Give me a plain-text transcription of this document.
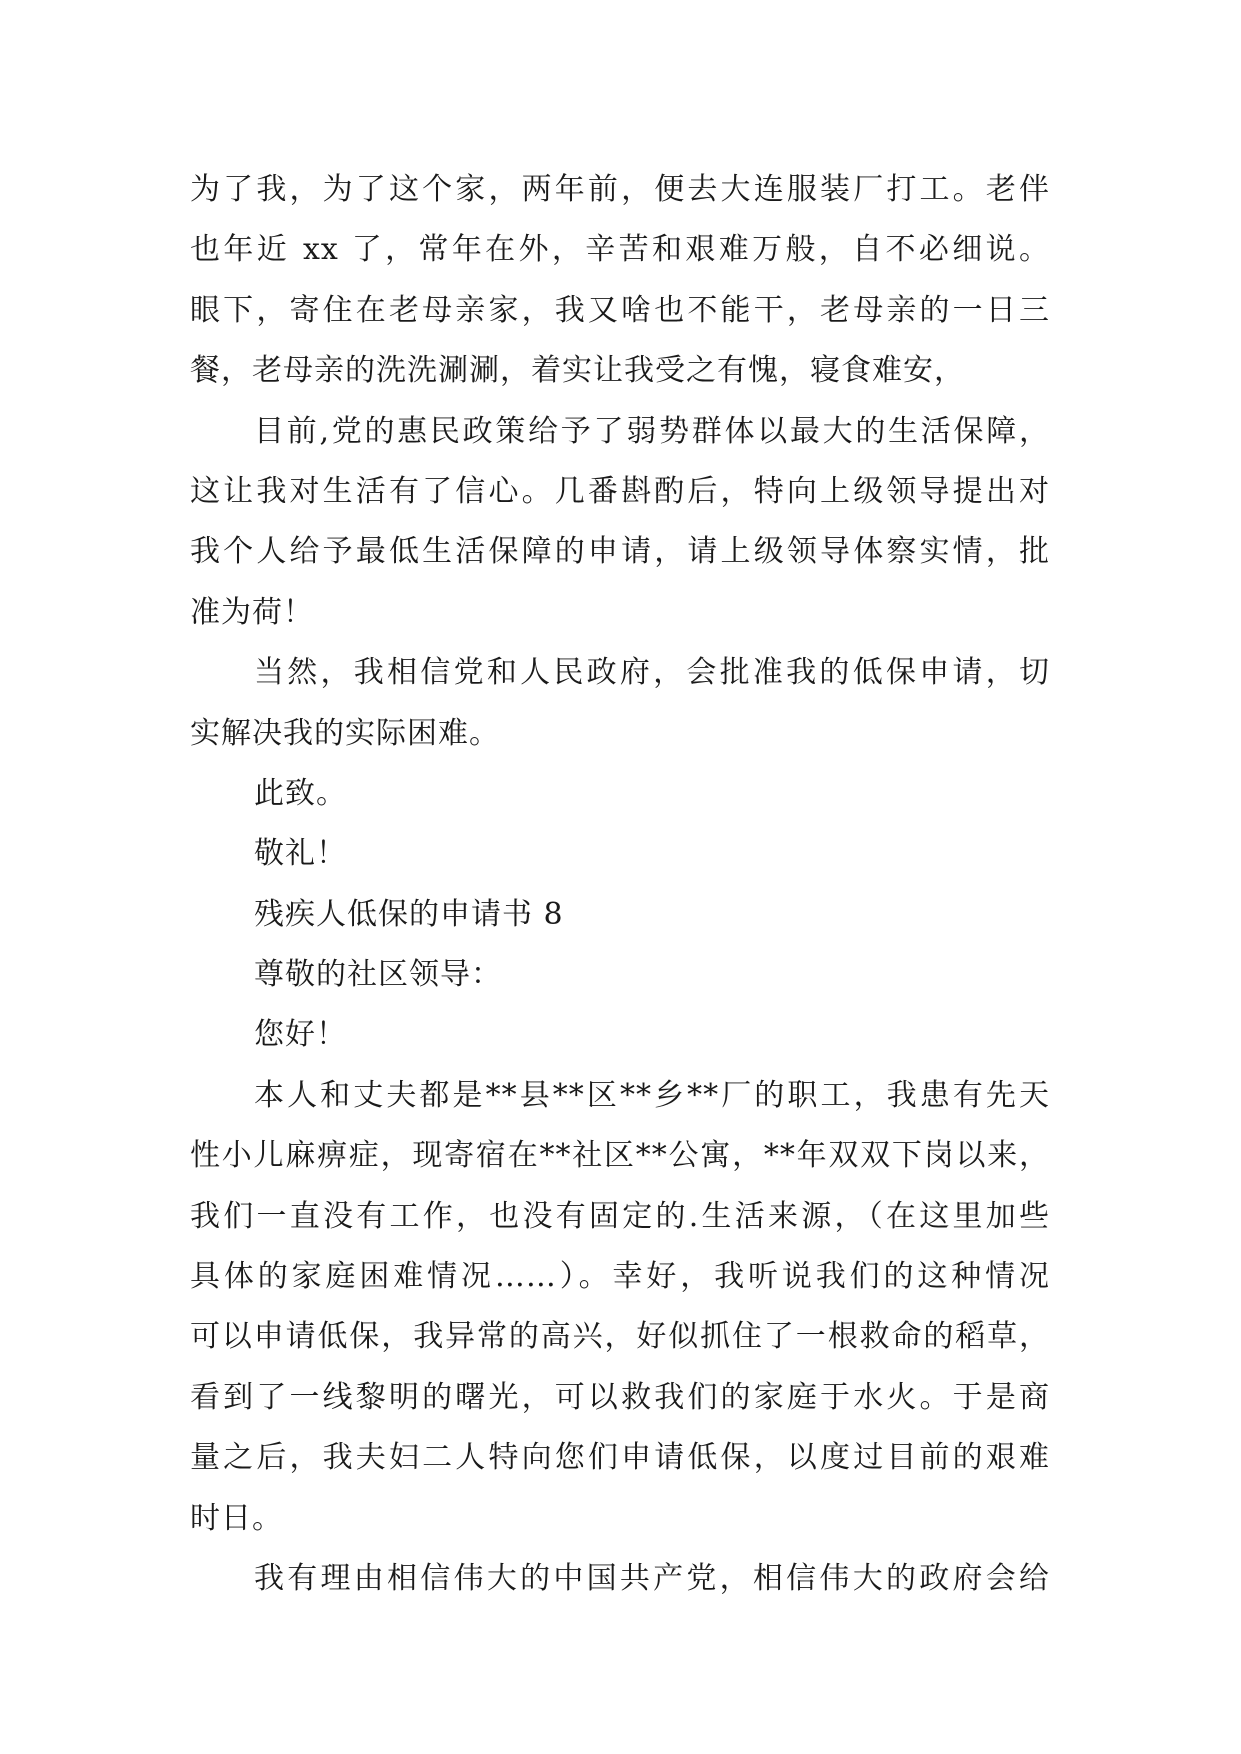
为了我，为了这个家，两年前，便去大连服装厂打工。老伴
也年近 xx 了，常年在外，辛苦和艰难万般，自不必细说。
眼下，寄住在老母亲家，我又啥也不能干，老母亲的一日三
餐，老母亲的洗洗涮涮，着实让我受之有愧，寝食难安，
目前,党的惠民政策给予了弱势群体以最大的生活保障，
这让我对生活有了信心。几番斟酌后，特向上级领导提出对
我个人给予最低生活保障的申请，请上级领导体察实情，批
准为荷！
当然，我相信党和人民政府，会批准我的低保申请，切
实解决我的实际困难。
此致。
敬礼！
残疾人低保的申请书 8
尊敬的社区领导：
您好！
本人和丈夫都是**县**区**乡**厂的职工，我患有先天
性小儿麻痹症，现寄宿在**社区**公寓，**年双双下岗以来，
我们一直没有工作，也没有固定的.生活来源，（在这里加些
具体的家庭困难情况……）。幸好，我听说我们的这种情况
可以申请低保，我异常的高兴，好似抓住了一根救命的稻草，
看到了一线黎明的曙光，可以救我们的家庭于水火。于是商
量之后，我夫妇二人特向您们申请低保，以度过目前的艰难
时日。
我有理由相信伟大的中国共产党，相信伟大的政府会给
